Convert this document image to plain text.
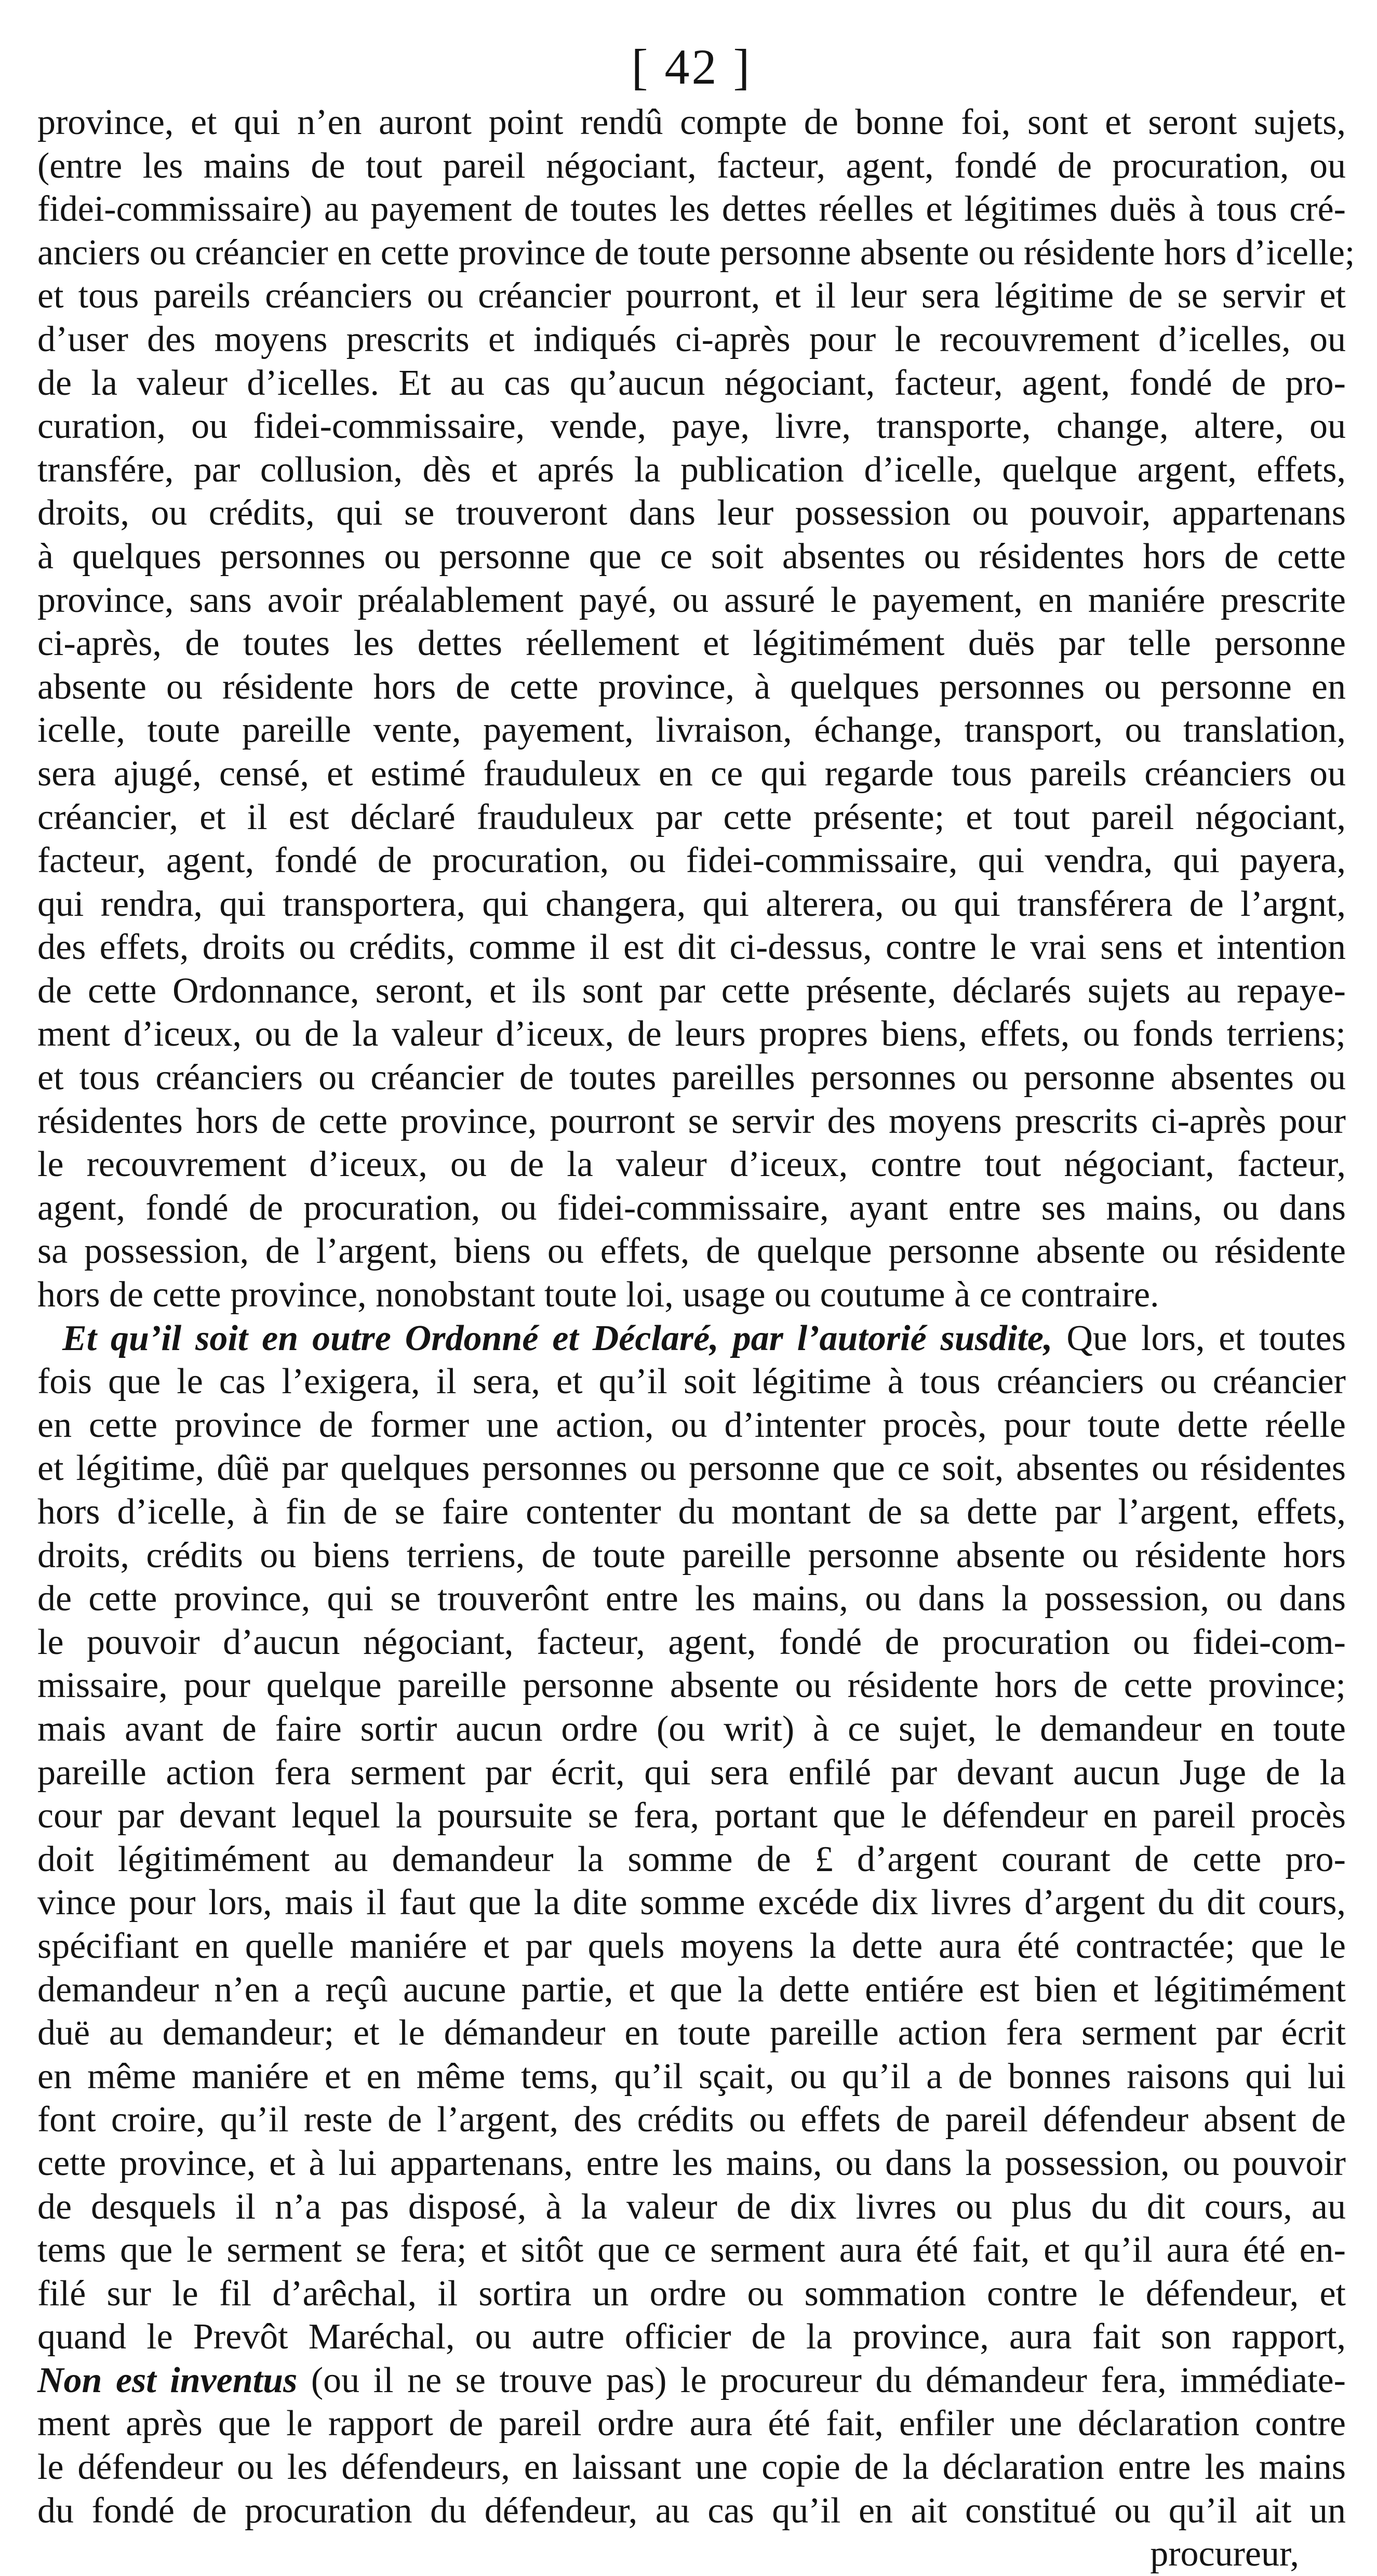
[ 42 ]
province, et qui n’en auront point rendû compte de bonne foi, sont et seront sujets,
(entre les mains de tout pareil négociant, facteur, agent, fondé de procuration, ou
fidei-commissaire) au payement de toutes les dettes réelles et légitimes duës à tous cré-
anciers ou créancier en cette province de toute personne absente ou résidente hors d’icelle;
et tous pareils créanciers ou créancier pourront, et il leur sera légitime de se servir et
d’user des moyens prescrits et indiqués ci-après pour le recouvrement d’icelles, ou
de la valeur d’icelles. Et au cas qu’aucun négociant, facteur, agent, fondé de pro-
curation, ou fidei-commissaire, vende, paye, livre, transporte, change, altere, ou
transfére, par collusion, dès et aprés la publication d’icelle, quelque argent, effets,
droits, ou crédits, qui se trouveront dans leur possession ou pouvoir, appartenans
à quelques personnes ou personne que ce soit absentes ou résidentes hors de cette
province, sans avoir préalablement payé, ou assuré le payement, en maniére prescrite
ci-après, de toutes les dettes réellement et légitimément duës par telle personne
absente ou résidente hors de cette province, à quelques personnes ou personne en
icelle, toute pareille vente, payement, livraison, échange, transport, ou translation,
sera ajugé, censé, et estimé frauduleux en ce qui regarde tous pareils créanciers ou
créancier, et il est déclaré frauduleux par cette présente; et tout pareil négociant,
facteur, agent, fondé de procuration, ou fidei-commissaire, qui vendra, qui payera,
qui rendra, qui transportera, qui changera, qui alterera, ou qui transférera de l’argnt,
des effets, droits ou crédits, comme il est dit ci-dessus, contre le vrai sens et intention
de cette Ordonnance, seront, et ils sont par cette présente, déclarés sujets au repaye-
ment d’iceux, ou de la valeur d’iceux, de leurs propres biens, effets, ou fonds terriens;
et tous créanciers ou créancier de toutes pareilles personnes ou personne absentes ou
résidentes hors de cette province, pourront se servir des moyens prescrits ci-après pour
le recouvrement d’iceux, ou de la valeur d’iceux, contre tout négociant, facteur,
agent, fondé de procuration, ou fidei-commissaire, ayant entre ses mains, ou dans
sa possession, de l’argent, biens ou effets, de quelque personne absente ou résidente
hors de cette province, nonobstant toute loi, usage ou coutume à ce contraire.
Et qu’il soit en outre Ordonné et Déclaré, par l’autorié susdite, Que lors, et toutes
fois que le cas l’exigera, il sera, et qu’il soit légitime à tous créanciers ou créancier
en cette province de former une action, ou d’intenter procès, pour toute dette réelle
et légitime, dûë par quelques personnes ou personne que ce soit, absentes ou résidentes
hors d’icelle, à fin de se faire contenter du montant de sa dette par l’argent, effets,
droits, crédits ou biens terriens, de toute pareille personne absente ou résidente hors
de cette province, qui se trouverônt entre les mains, ou dans la possession, ou dans
le pouvoir d’aucun négociant, facteur, agent, fondé de procuration ou fidei-com-
missaire, pour quelque pareille personne absente ou résidente hors de cette province;
mais avant de faire sortir aucun ordre (ou writ) à ce sujet, le demandeur en toute
pareille action fera serment par écrit, qui sera enfilé par devant aucun Juge de la
cour par devant lequel la poursuite se fera, portant que le défendeur en pareil procès
doit légitimément au demandeur la somme de £ d’argent courant de cette pro-
vince pour lors, mais il faut que la dite somme excéde dix livres d’argent du dit cours,
spécifiant en quelle maniére et par quels moyens la dette aura été contractée; que le
demandeur n’en a reçû aucune partie, et que la dette entiére est bien et légitimément
duë au demandeur; et le démandeur en toute pareille action fera serment par écrit
en même maniére et en même tems, qu’il sçait, ou qu’il a de bonnes raisons qui lui
font croire, qu’il reste de l’argent, des crédits ou effets de pareil défendeur absent de
cette province, et à lui appartenans, entre les mains, ou dans la possession, ou pouvoir
de desquels il n’a pas disposé, à la valeur de dix livres ou plus du dit cours, au
tems que le serment se fera; et sitôt que ce serment aura été fait, et qu’il aura été en-
filé sur le fil d’arêchal, il sortira un ordre ou sommation contre le défendeur, et
quand le Prevôt Maréchal, ou autre officier de la province, aura fait son rapport,
Non est inventus (ou il ne se trouve pas) le procureur du démandeur fera, immédiate-
ment après que le rapport de pareil ordre aura été fait, enfiler une déclaration contre
le défendeur ou les défendeurs, en laissant une copie de la déclaration entre les mains
du fondé de procuration du défendeur, au cas qu’il en ait constitué ou qu’il ait un
procureur,
